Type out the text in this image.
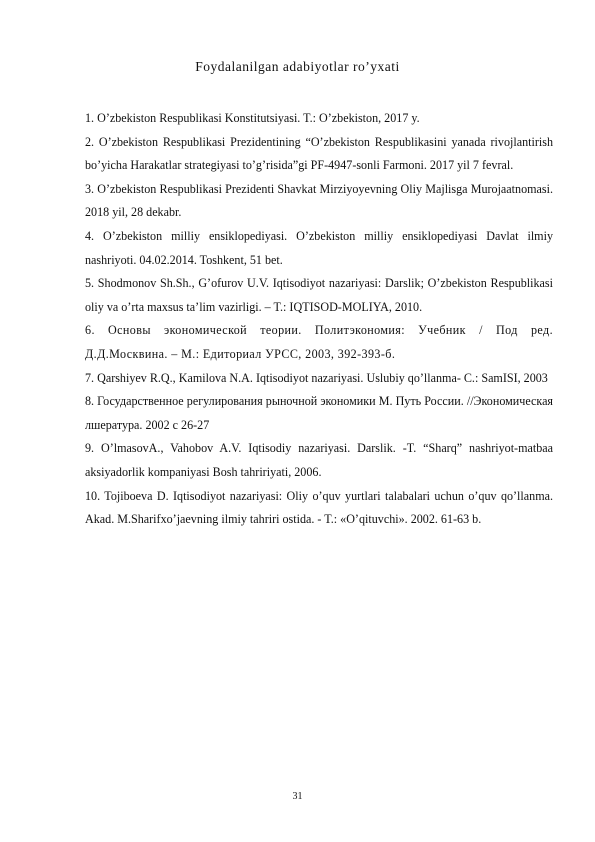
Foydalanilgan adabiyotlar ro’yxati
1. O’zbekiston Respublikasi Konstitutsiyasi. T.: O’zbekiston, 2017 y.
2. O’zbekiston Respublikasi Prezidentining “O’zbekiston Respublikasini yanada rivojlantirish bo’yicha Harakatlar strategiyasi to’g’risida”gi PF-4947-sonli Farmoni. 2017 yil 7 fevral.
3. O’zbekiston Respublikasi Prezidenti Shavkat Mirziyoyevning Oliy Majlisga Murojaatnomasi. 2018 yil, 28 dekabr.
4. O’zbekiston milliy ensiklopediyasi. O’zbekiston milliy ensiklopediyasi Davlat ilmiy nashriyoti. 04.02.2014. Toshkent, 51 bet.
5. Shodmonov Sh.Sh., G’ofurov U.V. Iqtisodiyot nazariyasi: Darslik; O’zbekiston Respublikasi oliy va o’rta maxsus ta’lim vazirligi. – T.: IQTISOD-MOLIYA, 2010.
6. Основы экономической теории. Политэкономия: Учебник / Под ред. Д.Д.Москвина. – М.: Едиториал УРСС, 2003, 392-393-б.
7. Qarshiyev R.Q., Kamilova N.A. Iqtisodiyot nazariyasi. Uslubiy qo’llanma- C.: SamISI, 2003
8. Государственное регулирования рыночной экономики М. Путь России. //Экономическая лшература. 2002 с 26-27
9. O’lmasovA., Vahobov A.V. Iqtisodiy nazariyasi. Darslik. -T. “Sharq” nashriyot-matbaa aksiyadorlik kompaniyasi Bosh tahririyati, 2006.
10. Tojiboeva D. Iqtisodiyot nazariyasi: Oliy o’quv yurtlari talabalari uchun o’quv qo’llanma. Akad. M.Sharifxo’jaevning ilmiy tahriri ostida. - T.: «O’qituvchi». 2002. 61-63 b.
31
